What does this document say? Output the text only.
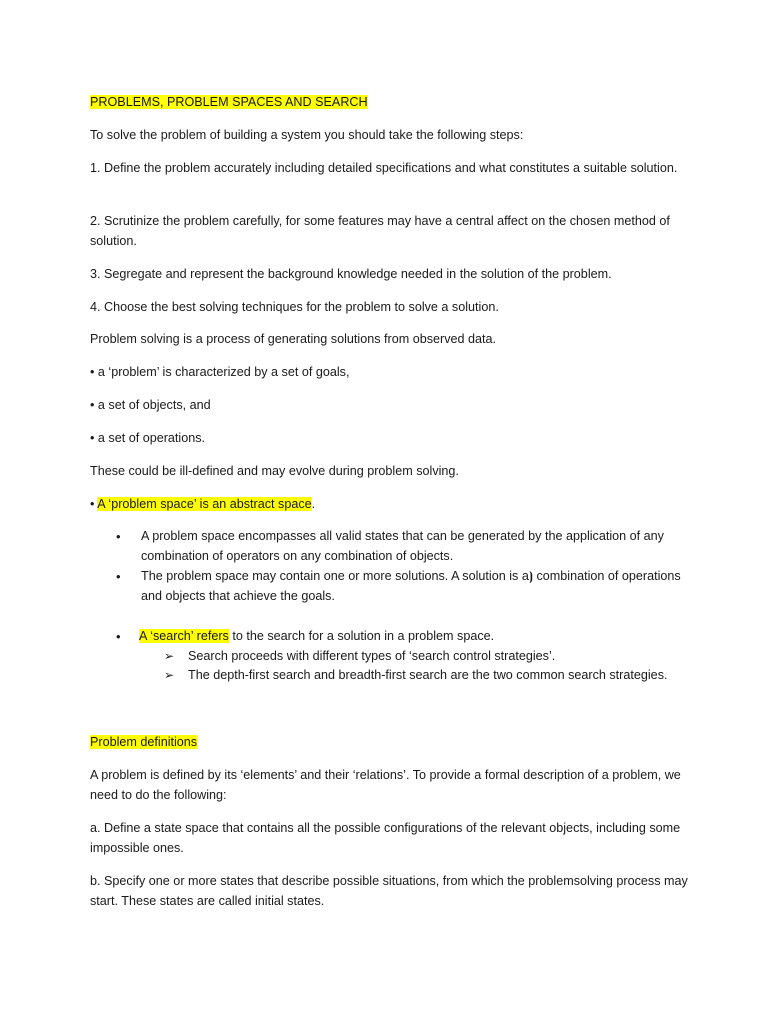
PROBLEMS, PROBLEM SPACES AND SEARCH

To solve the problem of building a system you should take the following steps:

1. Define the problem accurately including detailed specifications and what constitutes a suitable solution.

2. Scrutinize the problem carefully, for some features may have a central affect on the chosen method of solution.

3. Segregate and represent the background knowledge needed in the solution of the problem.

4. Choose the best solving techniques for the problem to solve a solution.

Problem solving is a process of generating solutions from observed data.

• a ‘problem’ is characterized by a set of goals,

• a set of objects, and

• a set of operations.

These could be ill-defined and may evolve during problem solving.

• A ‘problem space’ is an abstract space.

• A problem space encompasses all valid states that can be generated by the application of any combination of operators on any combination of objects.
• The problem space may contain one or more solutions. A solution is a⦘ combination of operations and objects that achieve the goals.
• A ‘search’ refers to the search for a solution in a problem space.
➢ Search proceeds with different types of ‘search control strategies’.
➢ The depth-first search and breadth-first search are the two common search strategies.

Problem definitions

A problem is defined by its ‘elements’ and their ‘relations’. To provide a formal description of a problem, we need to do the following:

a. Define a state space that contains all the possible configurations of the relevant objects, including some impossible ones.

b. Specify one or more states that describe possible situations, from which the problemsolving process may start. These states are called initial states.
